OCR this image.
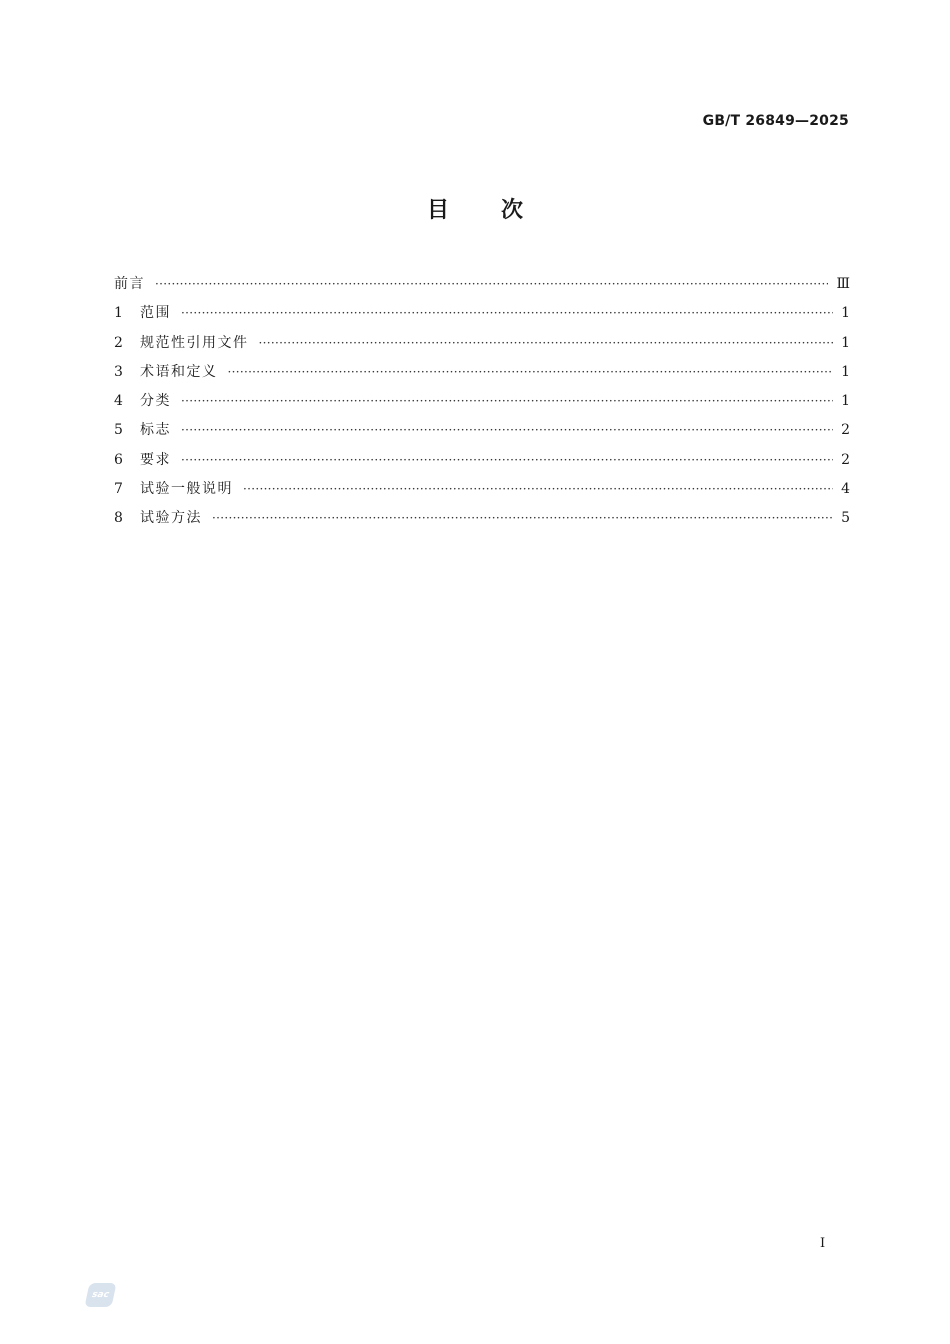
GB/T 26849—2025
目 次
前言 ·····	Ⅲ
1	范围 ·····	1
2	规范性引用文件 ·····	1
3	术语和定义 ·····	1
4	分类 ·····	1
5	标志 ·····	2
6	要求 ·····	2
7	试验一般说明 ·····	4
8	试验方法 ·····	5
I
sac
